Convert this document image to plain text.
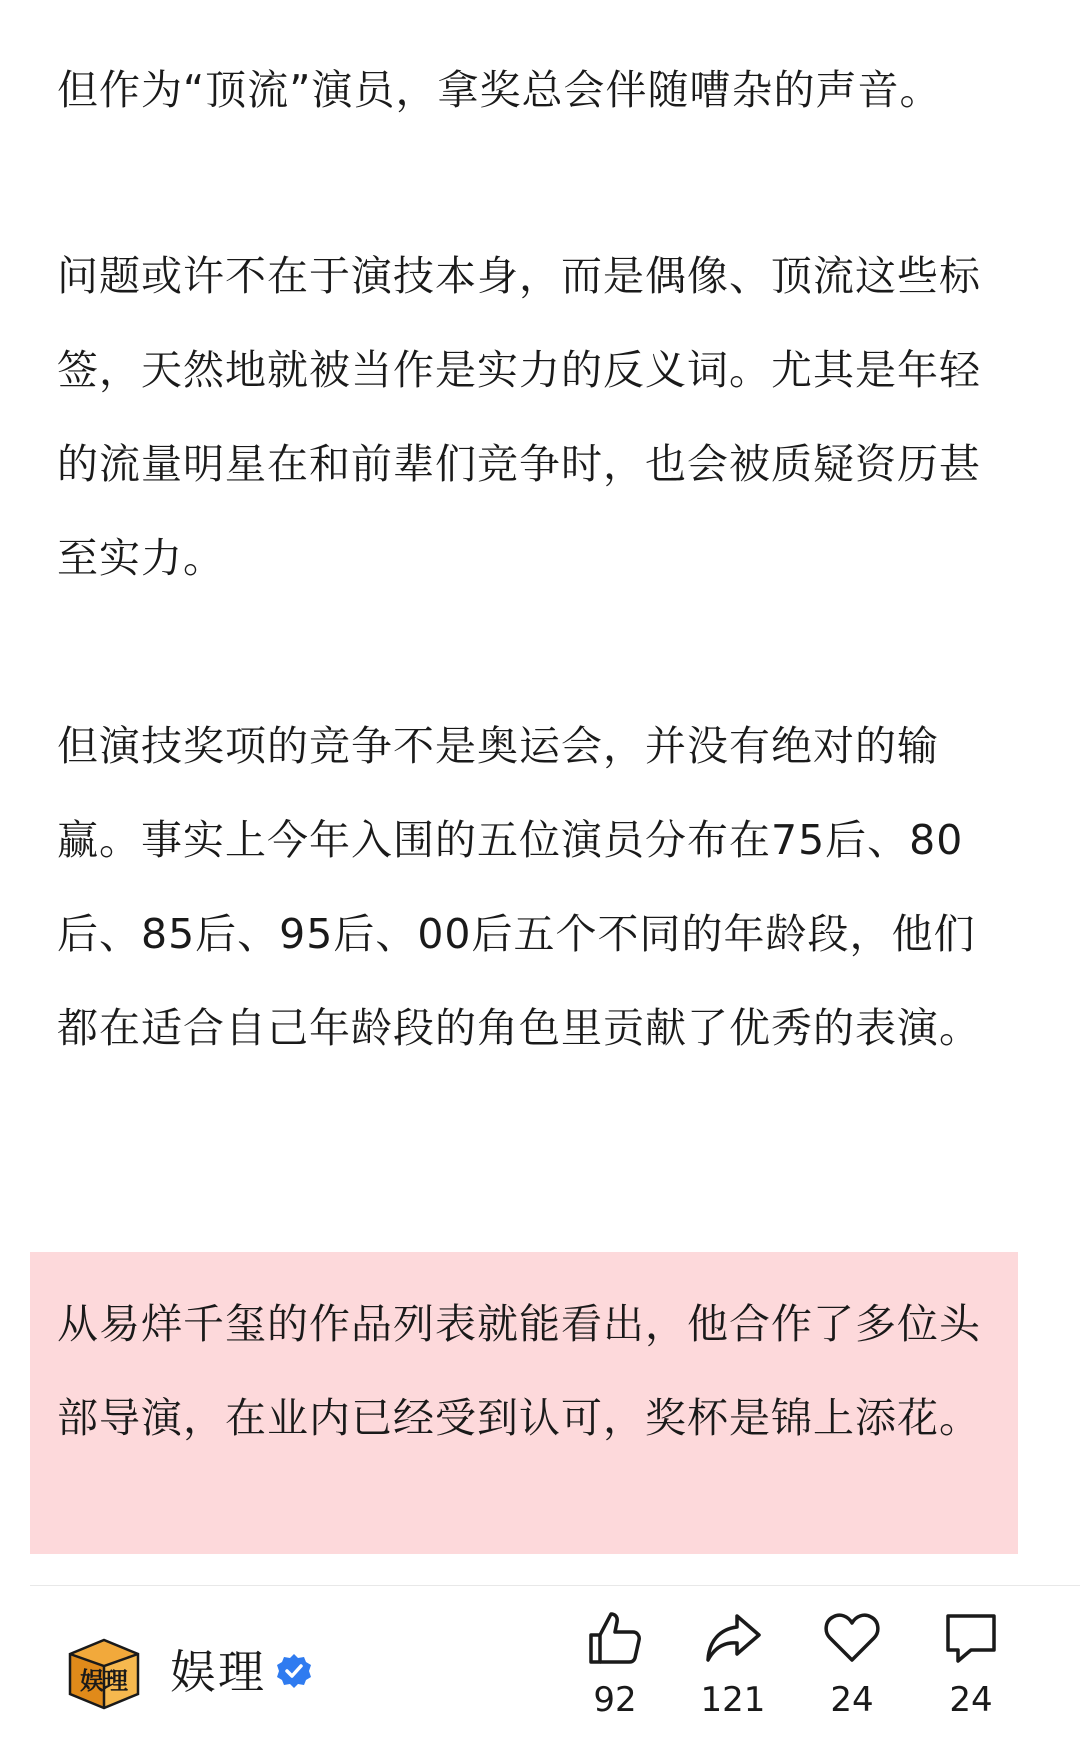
但作为“顶流”演员，拿奖总会伴随嘈杂的声音。

问题或许不在于演技本身，而是偶像、顶流这些标签，天然地就被当作是实力的反义词。尤其是年轻的流量明星在和前辈们竞争时，也会被质疑资历甚至实力。

但演技奖项的竞争不是奥运会，并没有绝对的输赢。事实上今年入围的五位演员分布在75后、80后、85后、95后、00后五个不同的年龄段，他们都在适合自己年龄段的角色里贡献了优秀的表演。

从易烊千玺的作品列表就能看出，他合作了多位头部导演，在业内已经受到认可，奖杯是锦上添花。

娱理 娱理
92	121	24	24
